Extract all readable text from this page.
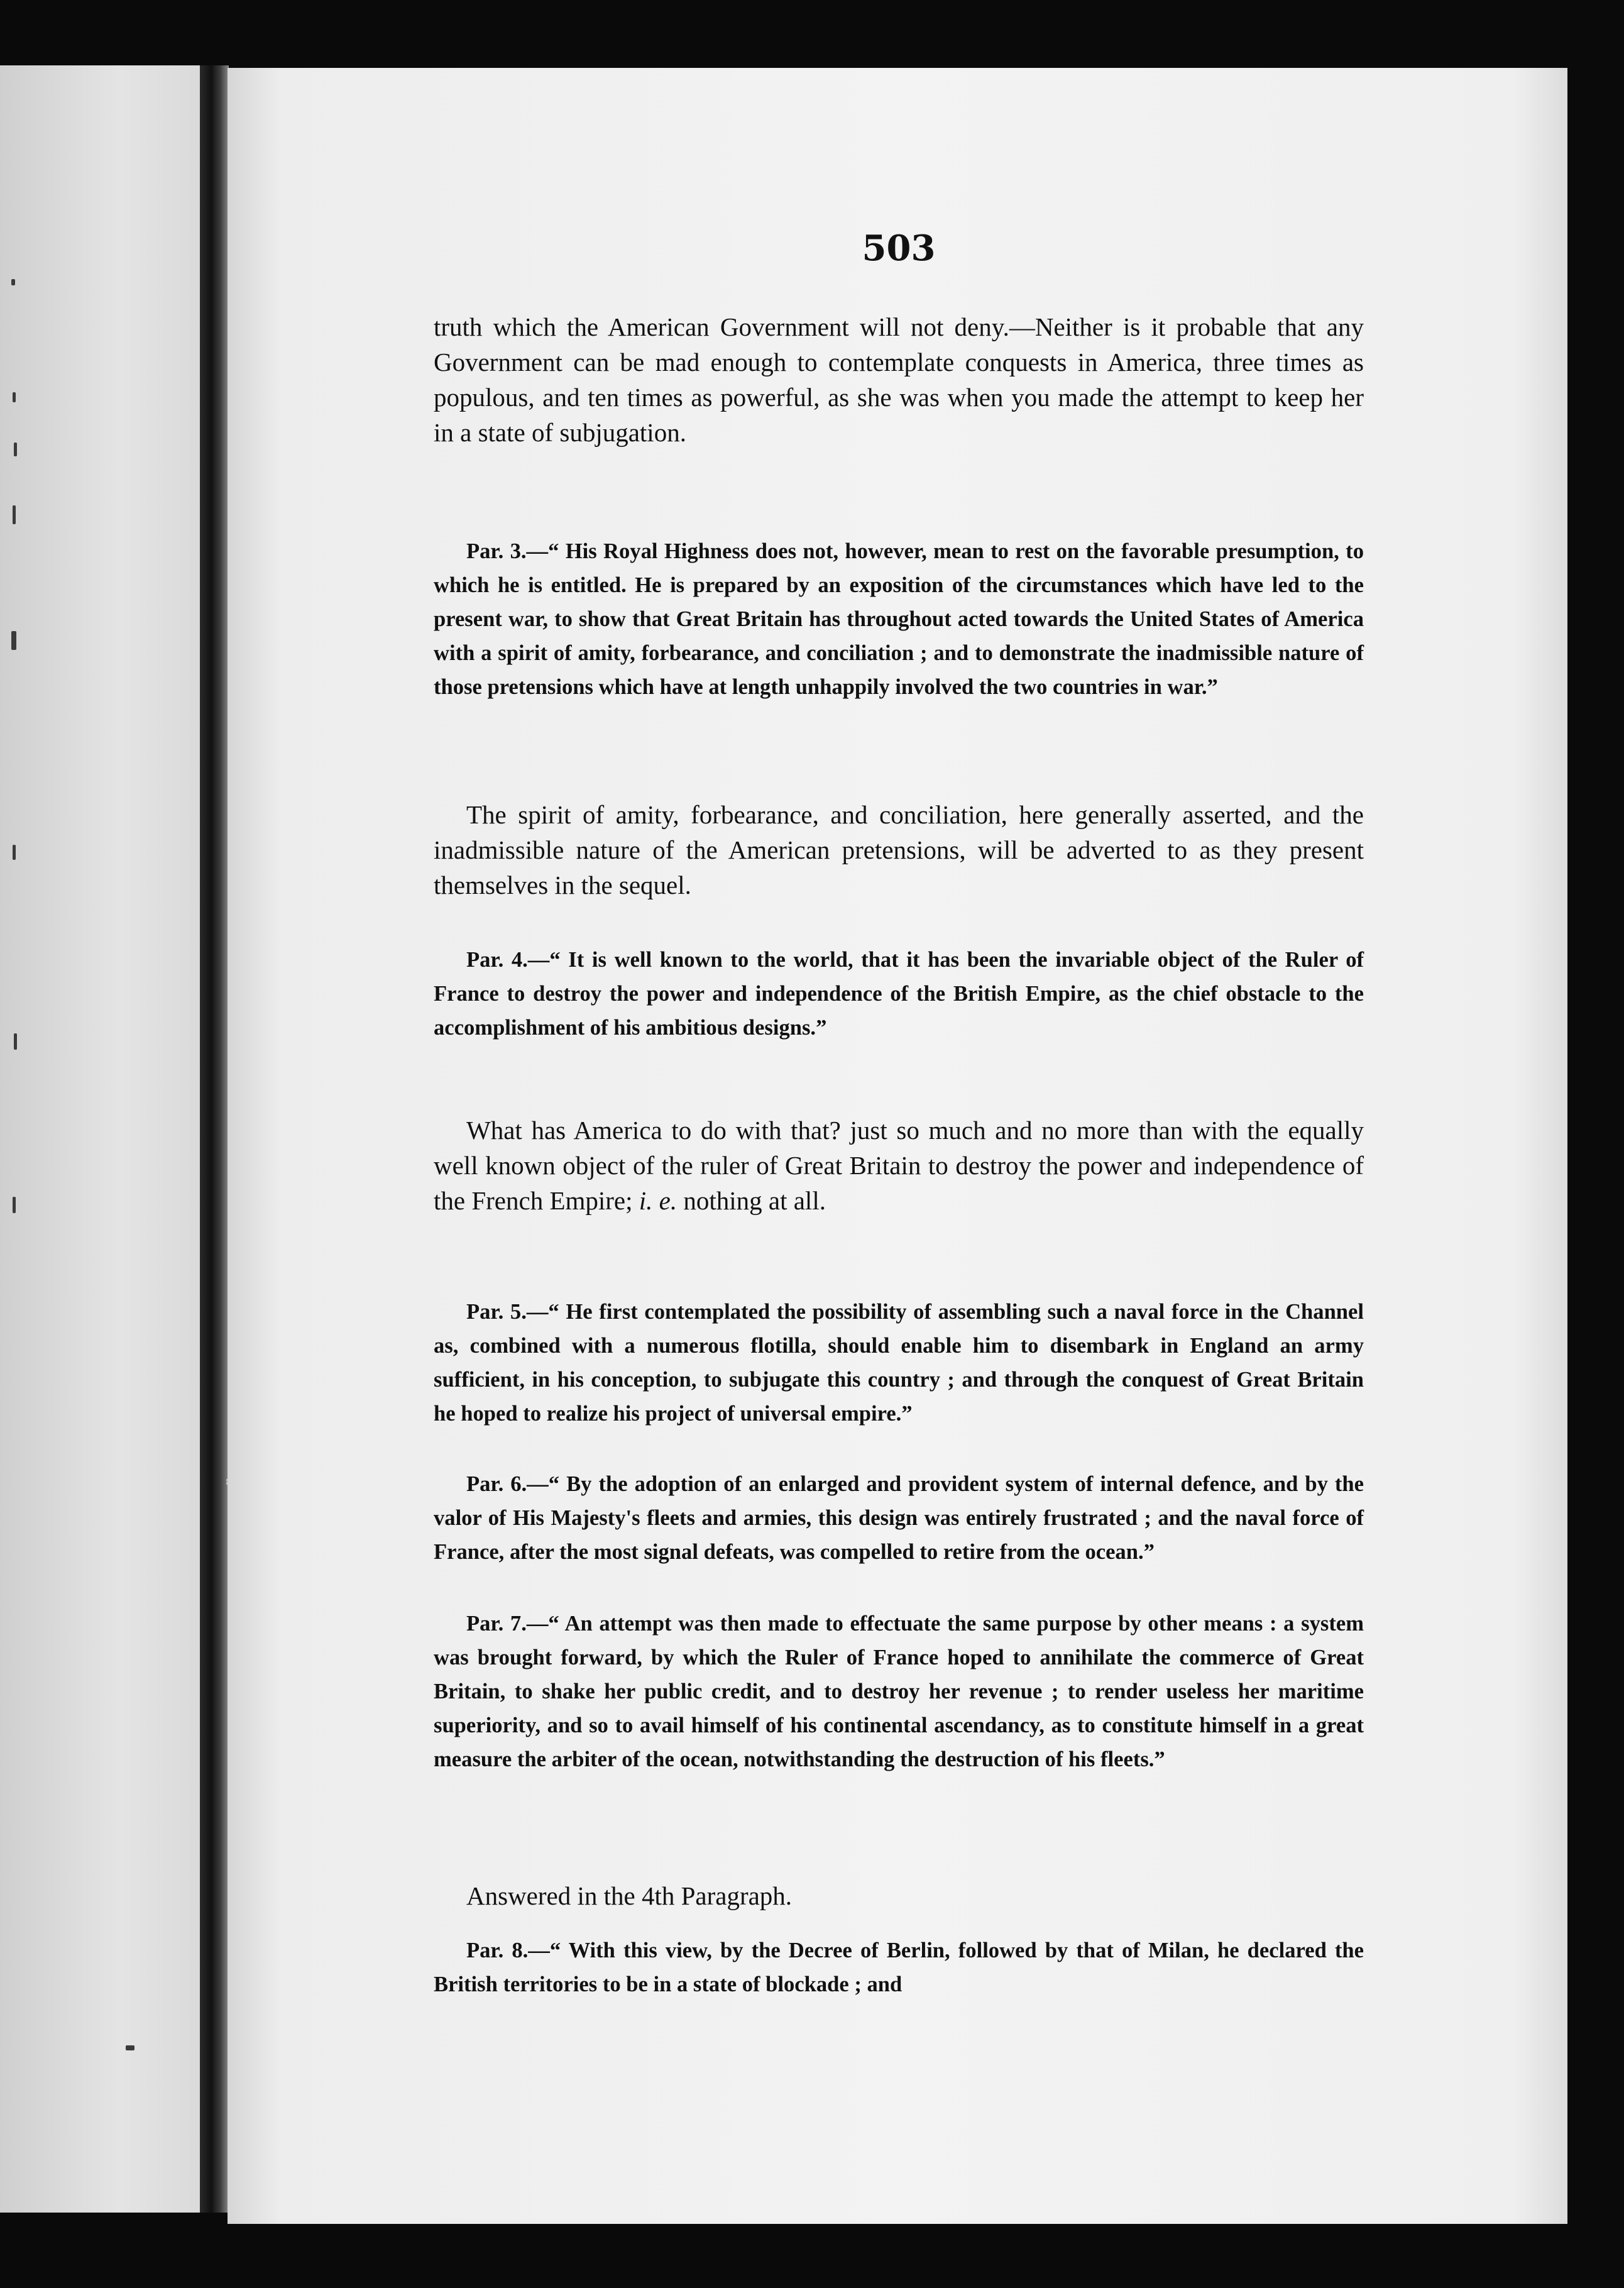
503

truth which the American Government will not deny.—Neither is it probable that any Government can be mad enough to contemplate conquests in America, three times as populous, and ten times as powerful, as she was when you made the attempt to keep her in a state of subjugation.

Par. 3.—“ His Royal Highness does not, however, mean to rest on the favorable presumption, to which he is entitled. He is prepared by an exposition of the circumstances which have led to the present war, to show that Great Britain has throughout acted towards the United States of America with a spirit of amity, forbearance, and conciliation ; and to demonstrate the inadmissible nature of those pretensions which have at length unhappily involved the two countries in war.”

The spirit of amity, forbearance, and conciliation, here generally asserted, and the inadmissible nature of the American pretensions, will be adverted to as they present themselves in the sequel.

Par. 4.—“ It is well known to the world, that it has been the invariable object of the Ruler of France to destroy the power and independence of the British Empire, as the chief obstacle to the accomplishment of his ambitious designs.”

What has America to do with that? just so much and no more than with the equally well known object of the ruler of Great Britain to destroy the power and independence of the French Empire; i. e. nothing at all.

Par. 5.—“ He first contemplated the possibility of assembling such a naval force in the Channel as, combined with a numerous flotilla, should enable him to disembark in England an army sufficient, in his conception, to subjugate this country ; and through the conquest of Great Britain he hoped to realize his project of universal empire.”

Par. 6.—“ By the adoption of an enlarged and provident system of internal defence, and by the valor of His Majesty's fleets and armies, this design was entirely frustrated ; and the naval force of France, after the most signal defeats, was compelled to retire from the ocean.”

Par. 7.—“ An attempt was then made to effectuate the same purpose by other means : a system was brought forward, by which the Ruler of France hoped to annihilate the commerce of Great Britain, to shake her public credit, and to destroy her revenue ; to render useless her maritime superiority, and so to avail himself of his continental ascendancy, as to constitute himself in a great measure the arbiter of the ocean, notwithstanding the destruction of his fleets.”

Answered in the 4th Paragraph.

Par. 8.—“ With this view, by the Decree of Berlin, followed by that of Milan, he declared the British territories to be in a state of blockade ; and
